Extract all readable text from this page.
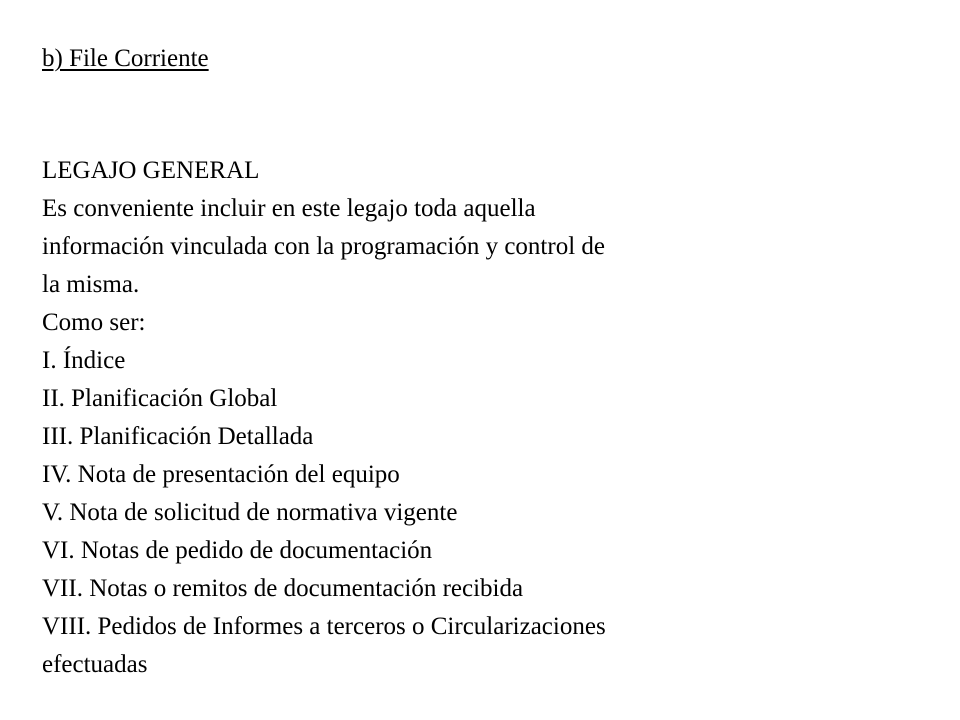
b) File Corriente
LEGAJO GENERAL
Es conveniente incluir en este legajo toda aquella
información vinculada con la programación y control de
la misma.
Como ser:
I. Índice
II. Planificación Global
III. Planificación Detallada
IV. Nota de presentación del equipo
V. Nota de solicitud de normativa vigente
VI. Notas de pedido de documentación
VII. Notas o remitos de documentación recibida
VIII. Pedidos de Informes a terceros o Circularizaciones
efectuadas
